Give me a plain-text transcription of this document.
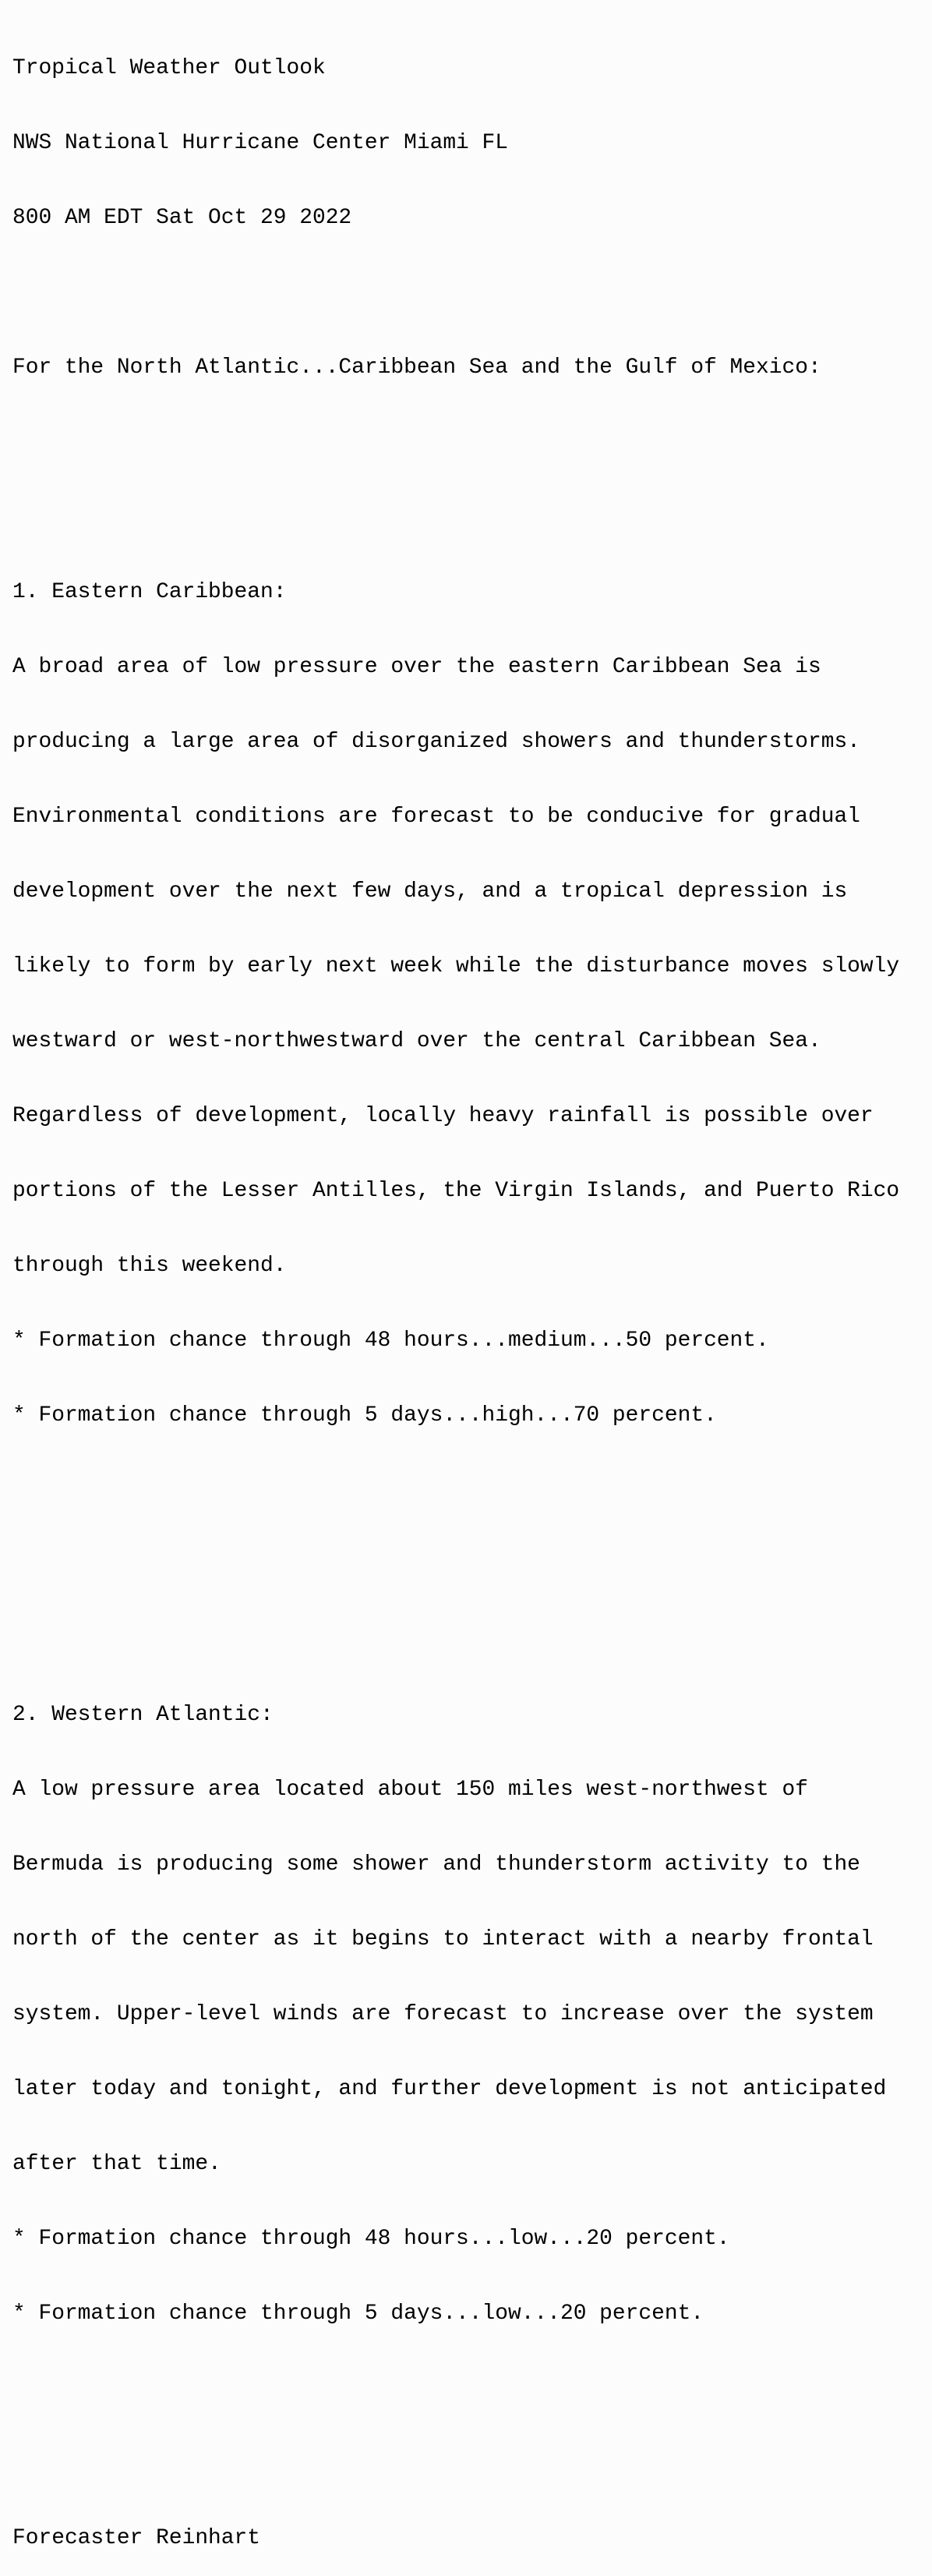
Tropical Weather Outlook

NWS National Hurricane Center Miami FL

800 AM EDT Sat Oct 29 2022

For the North Atlantic...Caribbean Sea and the Gulf of Mexico:

1. Eastern Caribbean:

A broad area of low pressure over the eastern Caribbean Sea is

producing a large area of disorganized showers and thunderstorms.

Environmental conditions are forecast to be conducive for gradual

development over the next few days, and a tropical depression is

likely to form by early next week while the disturbance moves slowly

westward or west-northwestward over the central Caribbean Sea.

Regardless of development, locally heavy rainfall is possible over

portions of the Lesser Antilles, the Virgin Islands, and Puerto Rico

through this weekend.

* Formation chance through 48 hours...medium...50 percent.

* Formation chance through 5 days...high...70 percent.

2. Western Atlantic:

A low pressure area located about 150 miles west-northwest of

Bermuda is producing some shower and thunderstorm activity to the

north of the center as it begins to interact with a nearby frontal

system. Upper-level winds are forecast to increase over the system

later today and tonight, and further development is not anticipated

after that time.

* Formation chance through 48 hours...low...20 percent.

* Formation chance through 5 days...low...20 percent.

Forecaster Reinhart
